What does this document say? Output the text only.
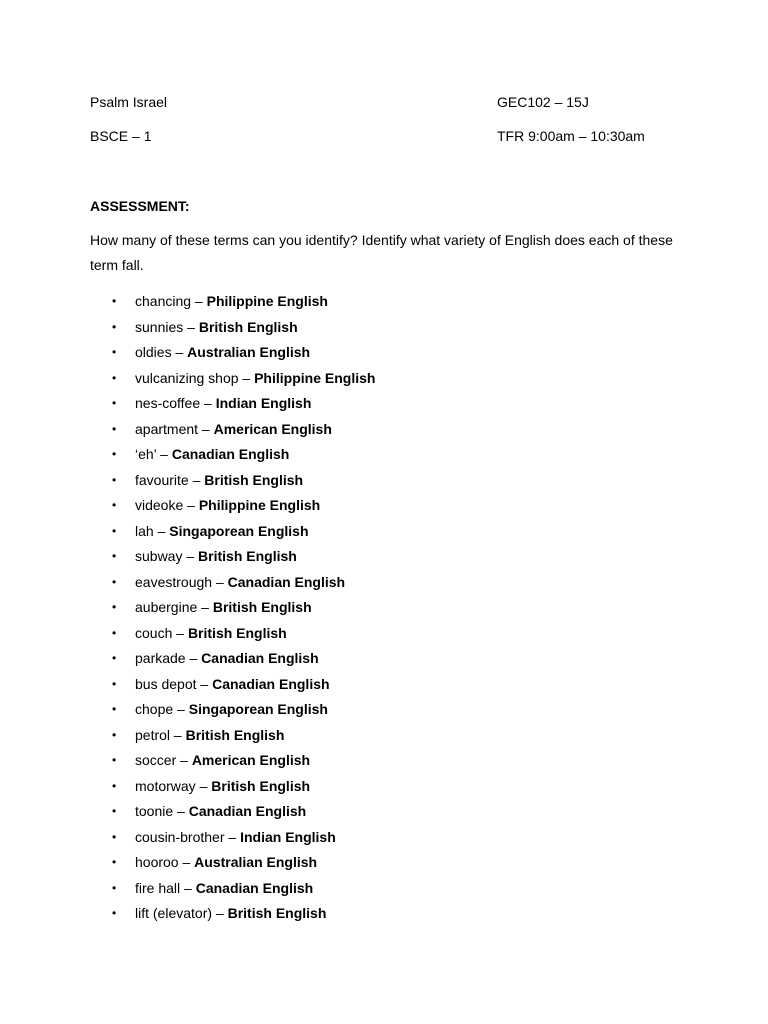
Psalm Israel	GEC102 – 15J
BSCE – 1	TFR 9:00am – 10:30am
ASSESSMENT:
How many of these terms can you identify? Identify what variety of English does each of these term fall.
• chancing – Philippine English
• sunnies – British English
• oldies – Australian English
• vulcanizing shop – Philippine English
• nes-coffee – Indian English
• apartment – American English
• ‘eh’ – Canadian English
• favourite – British English
• videoke – Philippine English
• lah – Singaporean English
• subway – British English
• eavestrough – Canadian English
• aubergine – British English
• couch – British English
• parkade – Canadian English
• bus depot – Canadian English
• chope – Singaporean English
• petrol – British English
• soccer – American English
• motorway – British English
• toonie – Canadian English
• cousin-brother – Indian English
• hooroo – Australian English
• fire hall – Canadian English
• lift (elevator) – British English
